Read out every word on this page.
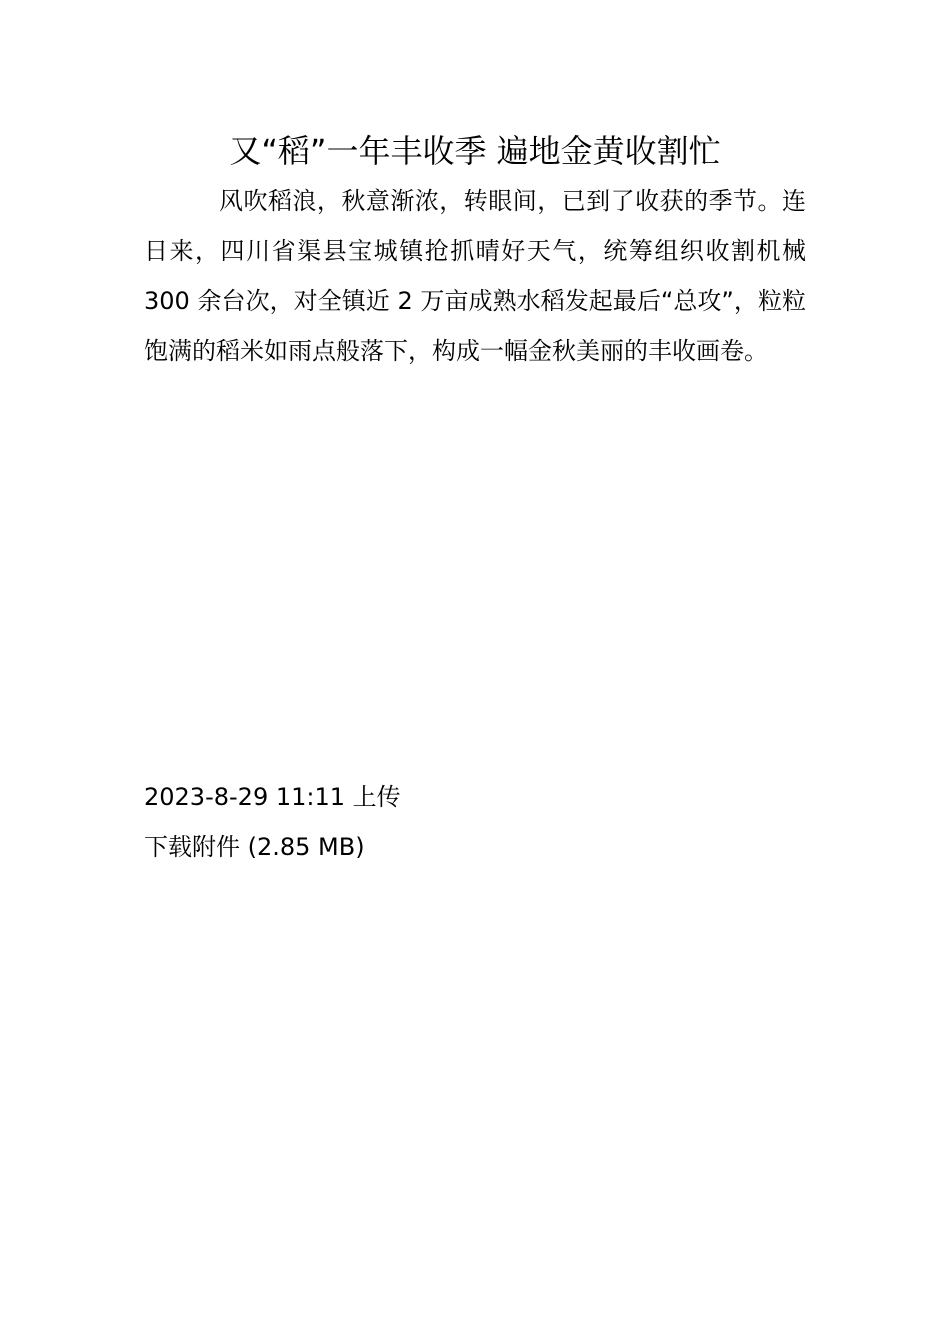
又“稻”一年丰收季 遍地金黄收割忙

风吹稻浪，秋意渐浓，转眼间，已到了收获的季节。连日来，四川省渠县宝城镇抢抓晴好天气，统筹组织收割机械 300 余台次，对全镇近 2 万亩成熟水稻发起最后“总攻”，粒粒饱满的稻米如雨点般落下，构成一幅金秋美丽的丰收画卷。

2023-8-29 11:11 上传
下载附件 (2.85 MB)
